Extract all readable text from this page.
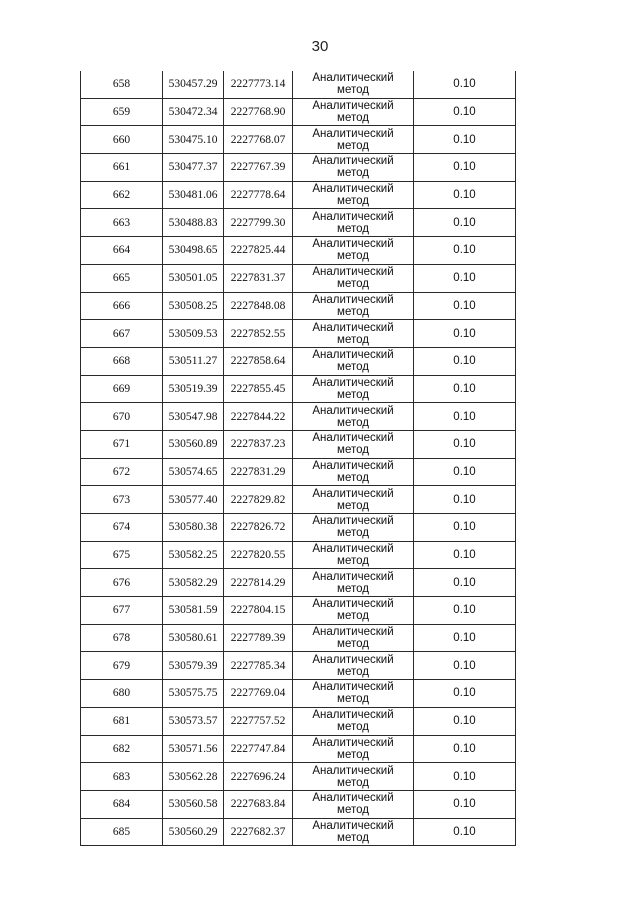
30
658	530457.29	2227773.14	Аналитический
метод	0.10
659	530472.34	2227768.90	Аналитический
метод	0.10
660	530475.10	2227768.07	Аналитический
метод	0.10
661	530477.37	2227767.39	Аналитический
метод	0.10
662	530481.06	2227778.64	Аналитический
метод	0.10
663	530488.83	2227799.30	Аналитический
метод	0.10
664	530498.65	2227825.44	Аналитический
метод	0.10
665	530501.05	2227831.37	Аналитический
метод	0.10
666	530508.25	2227848.08	Аналитический
метод	0.10
667	530509.53	2227852.55	Аналитический
метод	0.10
668	530511.27	2227858.64	Аналитический
метод	0.10
669	530519.39	2227855.45	Аналитический
метод	0.10
670	530547.98	2227844.22	Аналитический
метод	0.10
671	530560.89	2227837.23	Аналитический
метод	0.10
672	530574.65	2227831.29	Аналитический
метод	0.10
673	530577.40	2227829.82	Аналитический
метод	0.10
674	530580.38	2227826.72	Аналитический
метод	0.10
675	530582.25	2227820.55	Аналитический
метод	0.10
676	530582.29	2227814.29	Аналитический
метод	0.10
677	530581.59	2227804.15	Аналитический
метод	0.10
678	530580.61	2227789.39	Аналитический
метод	0.10
679	530579.39	2227785.34	Аналитический
метод	0.10
680	530575.75	2227769.04	Аналитический
метод	0.10
681	530573.57	2227757.52	Аналитический
метод	0.10
682	530571.56	2227747.84	Аналитический
метод	0.10
683	530562.28	2227696.24	Аналитический
метод	0.10
684	530560.58	2227683.84	Аналитический
метод	0.10
685	530560.29	2227682.37	Аналитический
метод	0.10
